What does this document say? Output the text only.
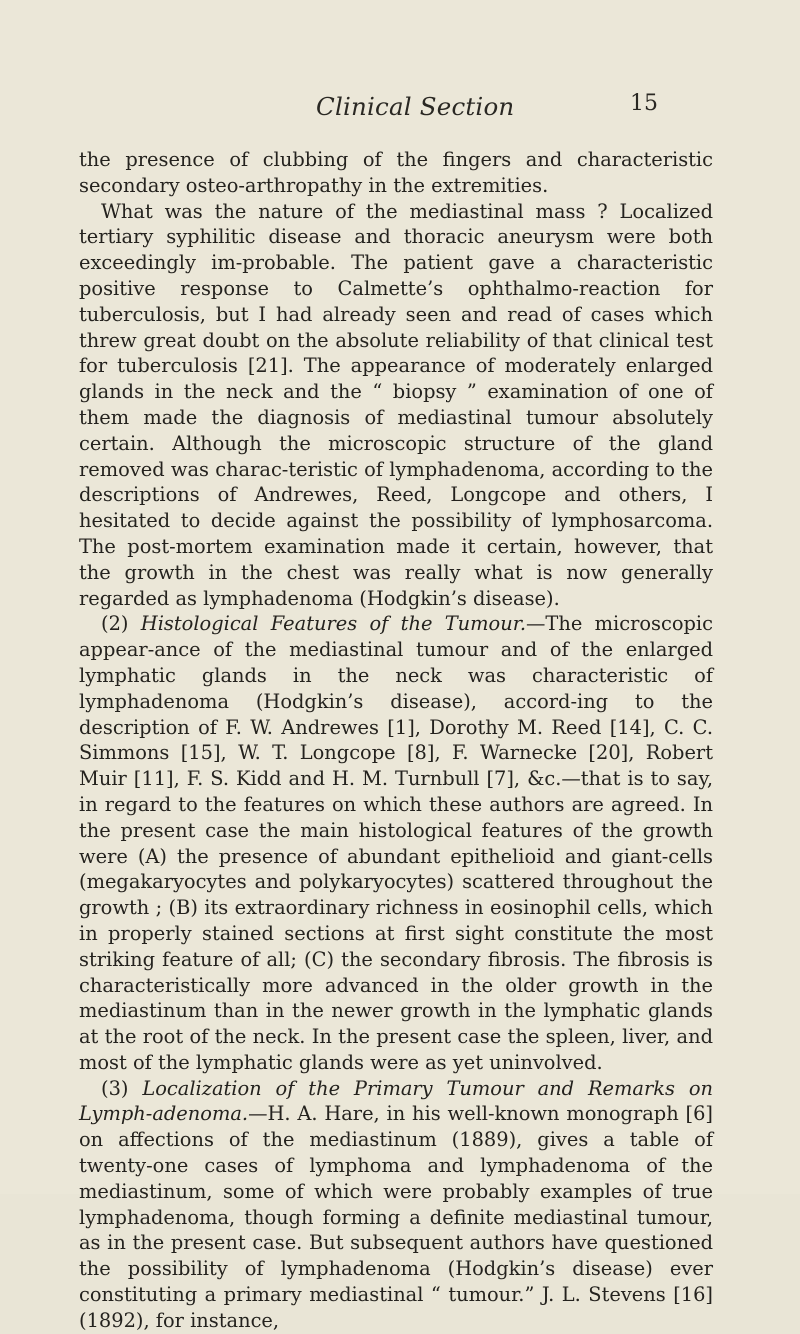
Clinical Section	15

the presence of clubbing of the fingers and characteristic secondary osteo-arthropathy in the extremities.

What was the nature of the mediastinal mass ? Localized tertiary syphilitic disease and thoracic aneurysm were both exceedingly im-probable. The patient gave a characteristic positive response to Calmette’s ophthalmo-reaction for tuberculosis, but I had already seen and read of cases which threw great doubt on the absolute reliability of that clinical test for tuberculosis [21]. The appearance of moderately enlarged glands in the neck and the “ biopsy ” examination of one of them made the diagnosis of mediastinal tumour absolutely certain. Although the microscopic structure of the gland removed was charac-teristic of lymphadenoma, according to the descriptions of Andrewes, Reed, Longcope and others, I hesitated to decide against the possibility of lymphosarcoma. The post-mortem examination made it certain, however, that the growth in the chest was really what is now generally regarded as lymphadenoma (Hodgkin’s disease).

(2) Histological Features of the Tumour.—The microscopic appear-ance of the mediastinal tumour and of the enlarged lymphatic glands in the neck was characteristic of lymphadenoma (Hodgkin’s disease), accord-ing to the description of F. W. Andrewes [1], Dorothy M. Reed [14], C. C. Simmons [15], W. T. Longcope [8], F. Warnecke [20], Robert Muir [11], F. S. Kidd and H. M. Turnbull [7], &c.—that is to say, in regard to the features on which these authors are agreed. In the present case the main histological features of the growth were (A) the presence of abundant epithelioid and giant-cells (megakaryocytes and polykaryocytes) scattered throughout the growth ; (B) its extraordinary richness in eosinophil cells, which in properly stained sections at first sight constitute the most striking feature of all; (C) the secondary fibrosis. The fibrosis is characteristically more advanced in the older growth in the mediastinum than in the newer growth in the lymphatic glands at the root of the neck. In the present case the spleen, liver, and most of the lymphatic glands were as yet uninvolved.

(3) Localization of the Primary Tumour and Remarks on Lymph-adenoma.—H. A. Hare, in his well-known monograph [6] on affections of the mediastinum (1889), gives a table of twenty-one cases of lymphoma and lymphadenoma of the mediastinum, some of which were probably examples of true lymphadenoma, though forming a definite mediastinal tumour, as in the present case. But subsequent authors have questioned the possibility of lymphadenoma (Hodgkin’s disease) ever constituting a primary mediastinal “ tumour.” J. L. Stevens [16] (1892), for instance,
